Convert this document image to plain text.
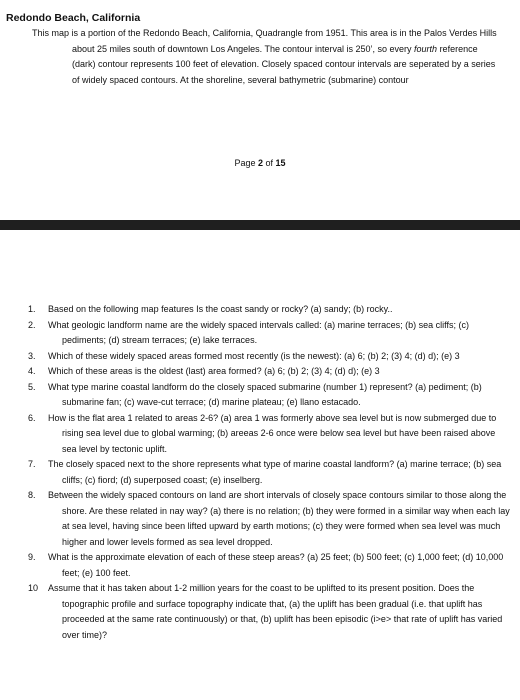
Redondo Beach, California

This map is a portion of the Redondo Beach, California, Quadrangle from 1951. This area is in the Palos Verdes Hills about 25 miles south of downtown Los Angeles. The contour interval is 250’, so every fourth reference (dark) contour represents 100 feet of elevation. Closely spaced contour intervals are seperated by a series of widely spaced contours. At the shoreline, several bathymetric (submarine) contour

Page 2 of 15
1.	Based on the following map features Is the coast sandy or rocky? (a) sandy; (b) rocky..
2.	What geologic landform name are the widely spaced intervals called: (a) marine terraces; (b) sea cliffs; (c) pediments; (d) stream terraces; (e) lake terraces.
3.	Which of these widely spaced areas formed most recently (is the newest): (a) 6; (b) 2; (3) 4; (d) d); (e) 3
4.	Which of these areas is the oldest (last) area formed? (a) 6; (b) 2; (3) 4; (d) d); (e) 3
5.	What type marine coastal landform do the closely spaced submarine (number 1) represent? (a) pediment; (b) submarine fan; (c) wave-cut terrace; (d) marine plateau; (e) llano estacado.
6.	How is the flat area 1 related to areas 2-6? (a) area 1 was formerly above sea level but is now submerged due to rising sea level due to global warming; (b) areeas 2-6 once were below sea level but have been raised above sea level by tectonic uplift.
7.	The closely spaced next to the shore represents what type of marine coastal landform? (a) marine terrace; (b) sea cliffs; (c) fiord; (d) superposed coast; (e) inselberg.
8.	Between the widely spaced contours on land are short intervals of closely space contours similar to those along the shore. Are these related in nay way? (a) there is no relation; (b) they were formed in a similar way when each lay at sea level, having since been lifted upward by earth motions; (c) they were formed when sea level was much higher and lower levels formed as sea level dropped.
9.	What is the approximate elevation of each of these steep areas? (a) 25 feet; (b) 500 feet; (c) 1,000 feet; (d) 10,000 feet; (e) 100 feet.
10	Assume that it has taken about 1-2 million years for the coast to be uplifted to its present position. Does the topographic profile and surface topography indicate that, (a) the uplift has been gradual (i.e. that uplift has proceeded at the same rate continuously) or that, (b) uplift has been episodic (i>e> that rate of uplift has varied over time)?
